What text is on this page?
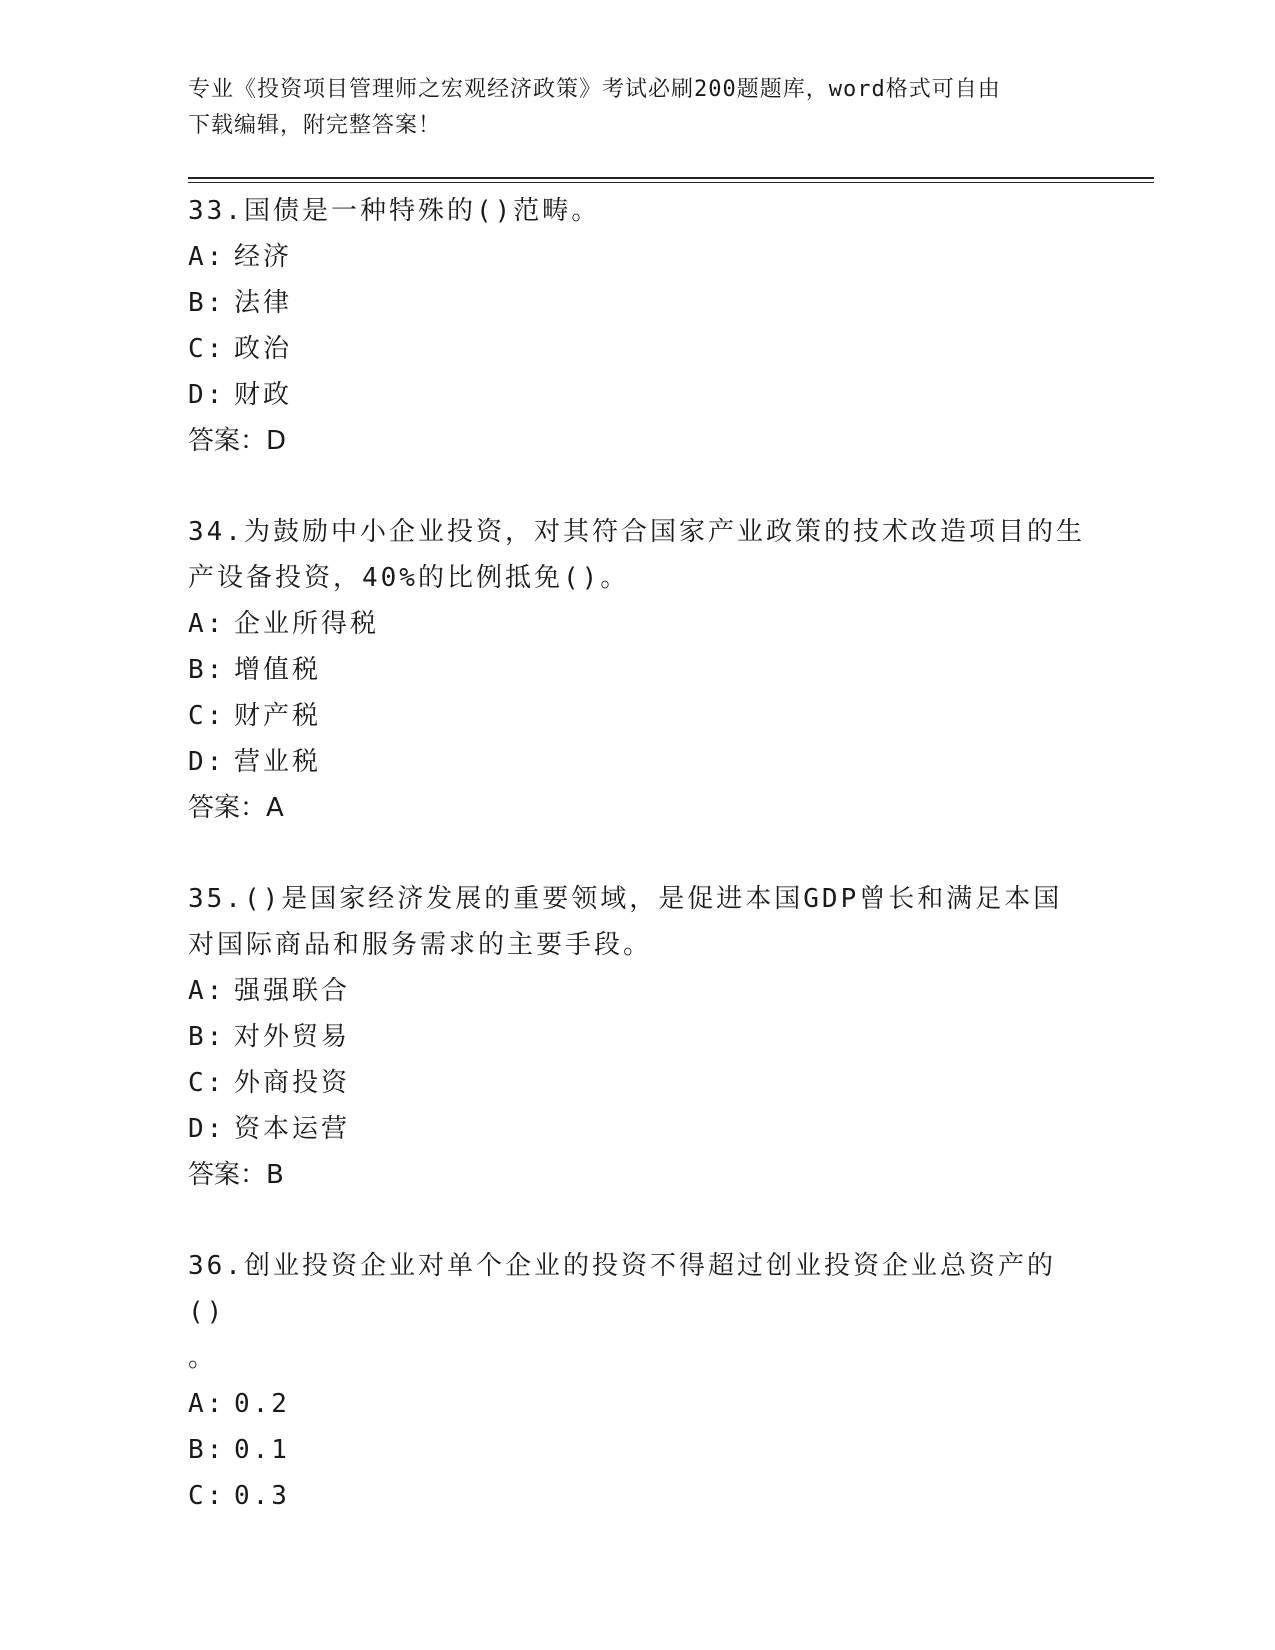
专业《投资项目管理师之宏观经济政策》考试必刷200题题库，word格式可自由
下载编辑，附完整答案！
33.国债是一种特殊的()范畴。
A: 经济
B: 法律
C: 政治
D: 财政
答案：D
34.为鼓励中小企业投资，对其符合国家产业政策的技术改造项目的生产设备投资，40%的比例抵免()。
A: 企业所得税
B: 增值税
C: 财产税
D: 营业税
答案：A
35.()是国家经济发展的重要领域，是促进本国GDP曾长和满足本国对国际商品和服务需求的主要手段。
A: 强强联合
B: 对外贸易
C: 外商投资
D: 资本运营
答案：B
36.创业投资企业对单个企业的投资不得超过创业投资企业总资产的()
。
A: 0.2
B: 0.1
C: 0.3
